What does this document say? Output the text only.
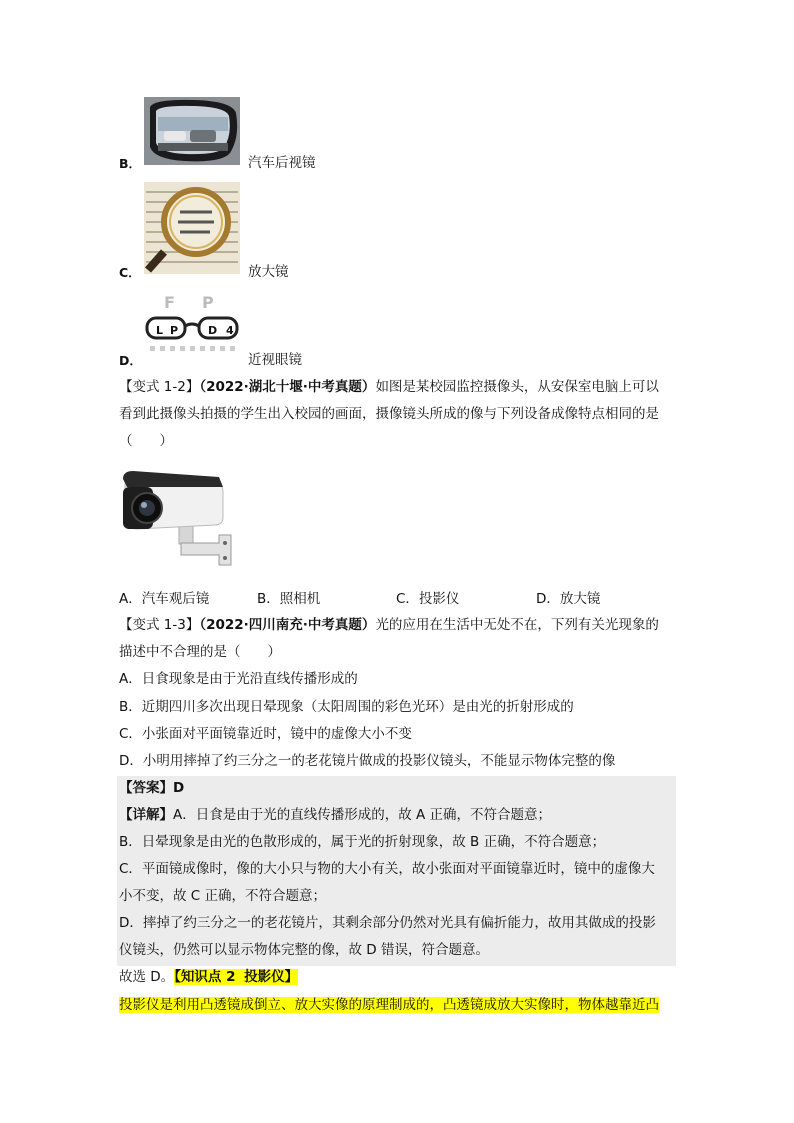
B．	汽车后视镜
C．	放大镜
F P
L P	D 4
D．	近视眼镜
【变式 1-2】（2022·湖北十堰·中考真题）如图是某校园监控摄像头，从安保室电脑上可以
看到此摄像头拍摄的学生出入校园的画面，摄像镜头所成的像与下列设备成像特点相同的是
（　　）
A．汽车观后镜	B．照相机	C．投影仪	D．放大镜
【变式 1-3】（2022·四川南充·中考真题）光的应用在生活中无处不在，下列有关光现象的
描述中不合理的是（　　）
A．日食现象是由于光沿直线传播形成的
B．近期四川多次出现日晕现象（太阳周围的彩色光环）是由光的折射形成的
C．小张面对平面镜靠近时，镜中的虚像大小不变
D．小明用摔掉了约三分之一的老花镜片做成的投影仪镜头，不能显示物体完整的像
【答案】D
【详解】A．日食是由于光的直线传播形成的，故 A 正确，不符合题意；
B．日晕现象是由光的色散形成的，属于光的折射现象，故 B 正确，不符合题意；
C．平面镜成像时，像的大小只与物的大小有关，故小张面对平面镜靠近时，镜中的虚像大
小不变，故 C 正确，不符合题意；
D．摔掉了约三分之一的老花镜片，其剩余部分仍然对光具有偏折能力，故用其做成的投影
仪镜头，仍然可以显示物体完整的像，故 D 错误，符合题意。
故选 D。【知识点 2 投影仪】
投影仪是利用凸透镜成倒立、放大实像的原理制成的，凸透镜成放大实像时，物体越靠近凸
